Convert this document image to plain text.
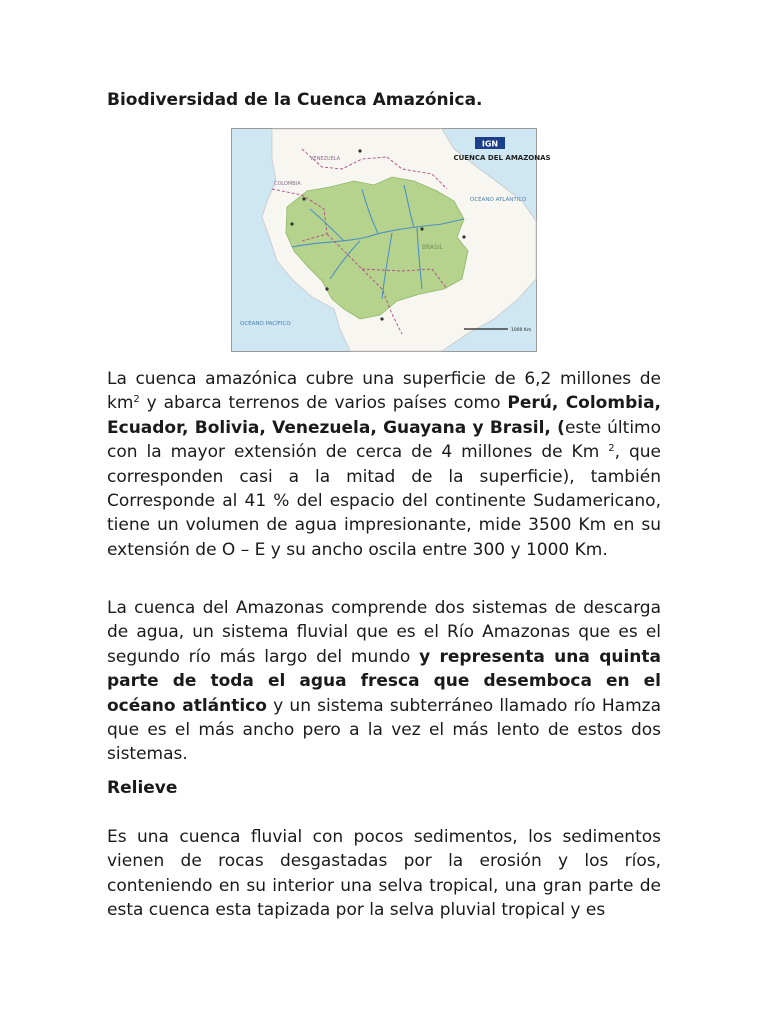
Biodiversidad de la Cuenca Amazónica.
IGN
CUENCA DEL AMAZONAS
OCÉANO ATLÁNTICO
OCÉANO PACÍFICO
VENEZUELA
COLOMBIA
BRASIL
1000 Km

La cuenca amazónica cubre una superficie de 6,2 millones de $km^2$ y abarca terrenos de varios países como Perú, Colombia, Ecuador, Bolivia, Venezuela, Guayana y Brasil, (este último con la mayor extensión de cerca de 4 millones de Km $^2$, que corresponden casi a la mitad de la superficie), también Corresponde al 41 % del espacio del continente Sudamericano, tiene un volumen de agua impresionante, mide 3500 Km en su extensión de O – E y su ancho oscila entre 300 y 1000 Km.

La cuenca del Amazonas comprende dos sistemas de descarga de agua, un sistema fluvial que es el Río Amazonas que es el segundo río más largo del mundo y representa una quinta parte de toda el agua fresca que desemboca en el océano atlántico y un sistema subterráneo llamado río Hamza que es el más ancho pero a la vez el más lento de estos dos sistemas.

Relieve

Es una cuenca fluvial con pocos sedimentos, los sedimentos vienen de rocas desgastadas por la erosión y los ríos, conteniendo en su interior una selva tropical, una gran parte de esta cuenca esta tapizada por la selva pluvial tropical y es
